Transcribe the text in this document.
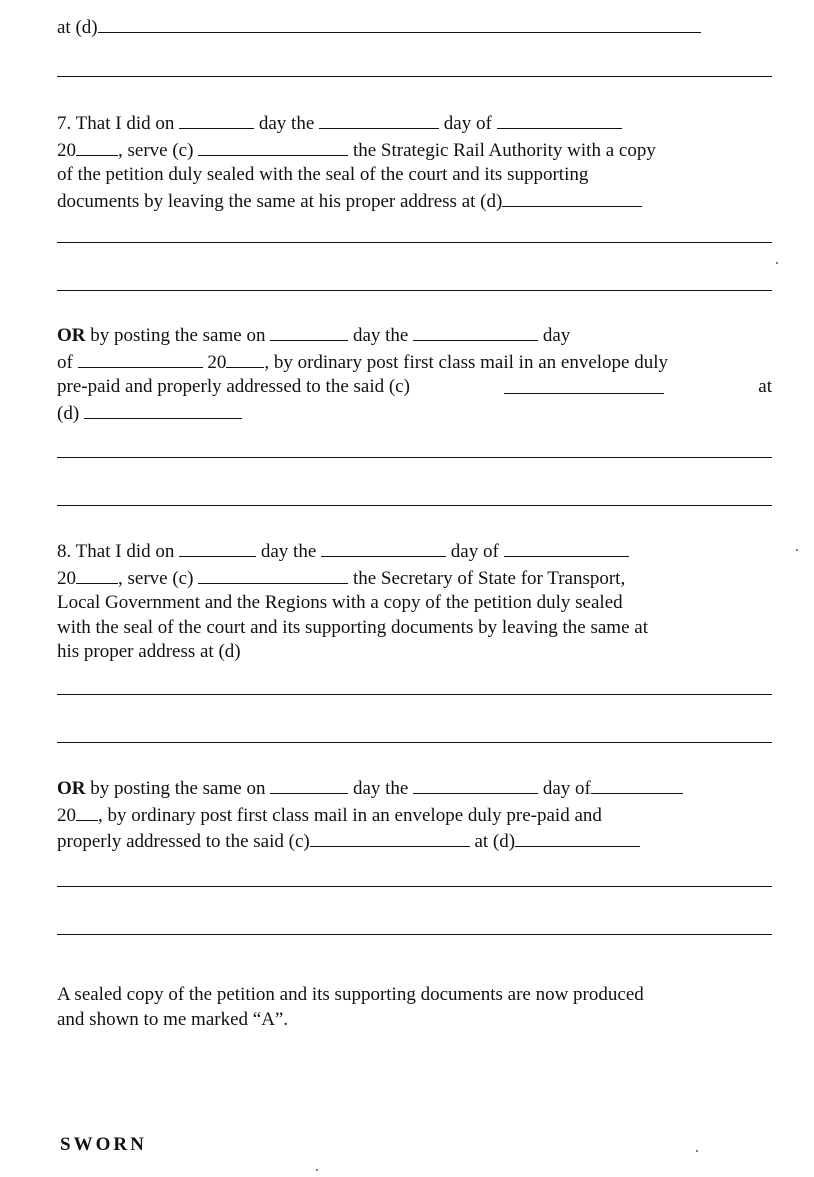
at (d)

7. That I did on	day the	day of
20 , serve (c)	the Strategic Rail Authority with a copy
of the petition duly sealed with the seal of the court and its supporting
documents by leaving the same at his proper address at (d)
OR by posting the same on	day the	day
of	20 , by ordinary post first class mail in an envelope duly
pre-paid and properly addressed to the said (c)	at
(d)
8. That I did on	day the	day of
20 , serve (c)	the Secretary of State for Transport,
Local Government and the Regions with a copy of the petition duly sealed
with the seal of the court and its supporting documents by leaving the same at
his proper address at (d)
OR by posting the same on	day the	day of
20 , by ordinary post first class mail in an envelope duly pre-paid and
properly addressed to the said (c)	at (d)
A sealed copy of the petition and its supporting documents are now produced
and shown to me marked “A”.
SWORN
